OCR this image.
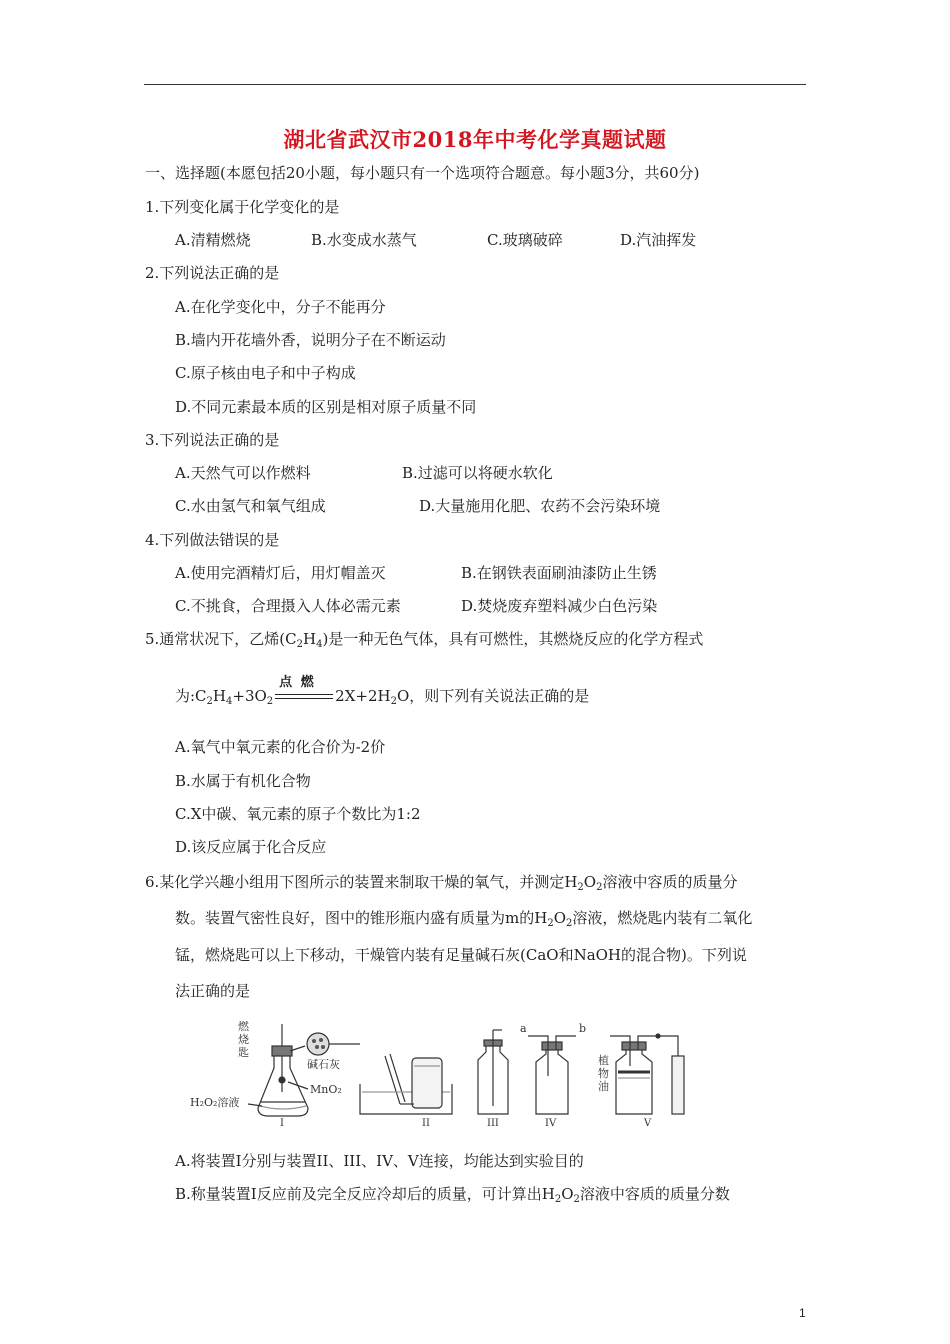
湖北省武汉市2018年中考化学真题试题
一、选择题(本愿包括20小题，每小题只有一个选项符合题意。每小题3分，共60分)
1.下列变化属于化学变化的是
A.清精燃烧	B.水变成水蒸气	C.玻璃破碎	D.汽油挥发
2.下列说法正确的是
A.在化学变化中，分子不能再分
B.墙内开花墙外香，说明分子在不断运动
C.原子核由电子和中子构成
D.不同元素最本质的区别是相对原子质量不同
3.下列说法正确的是
A.天然气可以作燃料	B.过滤可以将硬水软化
C.水由氢气和氧气组成	D.大量施用化肥、农药不会污染环境
4.下列做法错误的是
A.使用完酒精灯后，用灯帽盖灭	B.在钢铁表面刷油漆防止生锈
C.不挑食，合理摄入人体必需元素	D.焚烧废弃塑料减少白色污染
5.通常状况下，乙烯$(C_2H_4)$是一种无色气体，具有可燃性，其燃烧反应的化学方程式
为$:C_2H_4+3O_2$
点 燃
$2X+2H_2O$，则下列有关说法正确的是
A.氧气中氧元素的化合价为-2价
B.水属于有机化合物
C.X中碳、氧元素的原子个数比为1:2
D.该反应属于化合反应
6.某化学兴趣小组用下图所示的装置来制取干燥的氧气，并测定$H_2O_2$溶液中容质的质量分
数。装置气密性良好，图中的锥形瓶内盛有质量为m的$H_2O_2$溶液，燃烧匙内装有二氧化
锰，燃烧匙可以上下移动，干燥管内装有足量碱石灰(CaO和NaOH的混合物)。下列说
法正确的是
燃
烧
匙
碱石灰
MnO₂
H₂O₂溶液
I	II	III
a	b
IV
植
物
油
V
A.将装置I分别与装置II、III、IV、V连接，均能达到实验目的
B.称量装置I反应前及完全反应冷却后的质量，可计算出$H_2O_2$溶液中容质的质量分数
1
